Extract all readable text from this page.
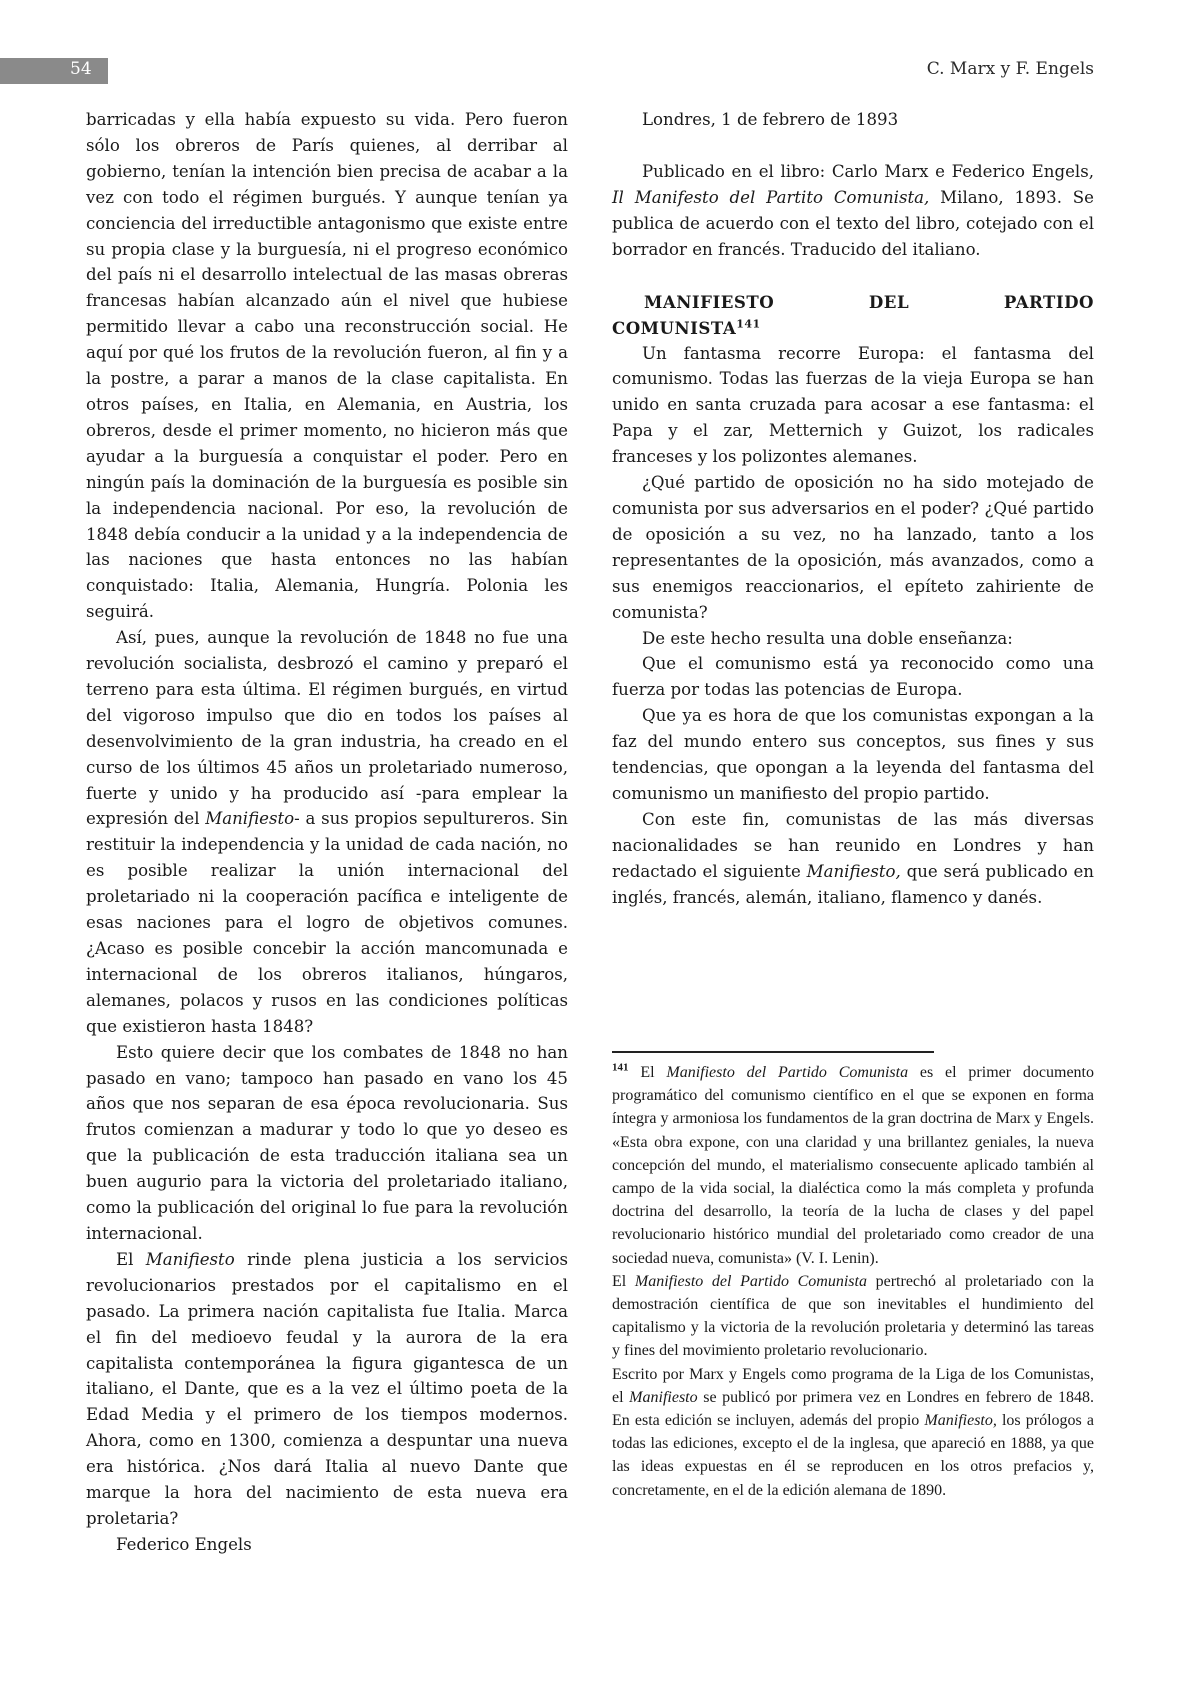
54	C. Marx y F. Engels

barricadas y ella había expuesto su vida. Pero fueron sólo los obreros de París quienes, al derribar al gobierno, tenían la intención bien precisa de acabar a la vez con todo el régimen burgués. Y aunque tenían ya conciencia del irreductible antagonismo que existe entre su propia clase y la burguesía, ni el progreso económico del país ni el desarrollo intelectual de las masas obreras francesas habían alcanzado aún el nivel que hubiese permitido llevar a cabo una reconstrucción social. He aquí por qué los frutos de la revolución fueron, al fin y a la postre, a parar a manos de la clase capitalista. En otros países, en Italia, en Alemania, en Austria, los obreros, desde el primer momento, no hicieron más que ayudar a la burguesía a conquistar el poder. Pero en ningún país la dominación de la burguesía es posible sin la independencia nacional. Por eso, la revolución de 1848 debía conducir a la unidad y a la independencia de las naciones que hasta entonces no las habían conquistado: Italia, Alemania, Hungría. Polonia les seguirá.

Así, pues, aunque la revolución de 1848 no fue una revolución socialista, desbrozó el camino y preparó el terreno para esta última. El régimen burgués, en virtud del vigoroso impulso que dio en todos los países al desenvolvimiento de la gran industria, ha creado en el curso de los últimos 45 años un proletariado numeroso, fuerte y unido y ha producido así -para emplear la expresión del Manifiesto- a sus propios sepultureros. Sin restituir la independencia y la unidad de cada nación, no es posible realizar la unión internacional del proletariado ni la cooperación pacífica e inteligente de esas naciones para el logro de objetivos comunes. ¿Acaso es posible concebir la acción mancomunada e internacional de los obreros italianos, húngaros, alemanes, polacos y rusos en las condiciones políticas que existieron hasta 1848?

Esto quiere decir que los combates de 1848 no han pasado en vano; tampoco han pasado en vano los 45 años que nos separan de esa época revolucionaria. Sus frutos comienzan a madurar y todo lo que yo deseo es que la publicación de esta traducción italiana sea un buen augurio para la victoria del proletariado italiano, como la publicación del original lo fue para la revolución internacional.

El Manifiesto rinde plena justicia a los servicios revolucionarios prestados por el capitalismo en el pasado. La primera nación capitalista fue Italia. Marca el fin del medioevo feudal y la aurora de la era capitalista contemporánea la figura gigantesca de un italiano, el Dante, que es a la vez el último poeta de la Edad Media y el primero de los tiempos modernos. Ahora, como en 1300, comienza a despuntar una nueva era histórica. ¿Nos dará Italia al nuevo Dante que marque la hora del nacimiento de esta nueva era proletaria?

Federico Engels

Londres, 1 de febrero de 1893

Publicado en el libro: Carlo Marx e Federico Engels, Il Manifesto del Partito Comunista, Milano, 1893. Se publica de acuerdo con el texto del libro, cotejado con el borrador en francés. Traducido del italiano.

MANIFIESTO	DEL	PARTIDO
COMUNISTA$^{141}$

Un fantasma recorre Europa: el fantasma del comunismo. Todas las fuerzas de la vieja Europa se han unido en santa cruzada para acosar a ese fantasma: el Papa y el zar, Metternich y Guizot, los radicales franceses y los polizontes alemanes.

¿Qué partido de oposición no ha sido motejado de comunista por sus adversarios en el poder? ¿Qué partido de oposición a su vez, no ha lanzado, tanto a los representantes de la oposición, más avanzados, como a sus enemigos reaccionarios, el epíteto zahiriente de comunista?

De este hecho resulta una doble enseñanza:

Que el comunismo está ya reconocido como una fuerza por todas las potencias de Europa.

Que ya es hora de que los comunistas expongan a la faz del mundo entero sus conceptos, sus fines y sus tendencias, que opongan a la leyenda del fantasma del comunismo un manifiesto del propio partido.

Con este fin, comunistas de las más diversas nacionalidades se han reunido en Londres y han redactado el siguiente Manifiesto, que será publicado en inglés, francés, alemán, italiano, flamenco y danés.

$^{141}$ El Manifiesto del Partido Comunista es el primer documento programático del comunismo científico en el que se exponen en forma íntegra y armoniosa los fundamentos de la gran doctrina de Marx y Engels. «Esta obra expone, con una claridad y una brillantez geniales, la nueva concepción del mundo, el materialismo consecuente aplicado también al campo de la vida social, la dialéctica como la más completa y profunda doctrina del desarrollo, la teoría de la lucha de clases y del papel revolucionario histórico mundial del proletariado como creador de una sociedad nueva, comunista» (V. I. Lenin).

El Manifiesto del Partido Comunista pertrechó al proletariado con la demostración científica de que son inevitables el hundimiento del capitalismo y la victoria de la revolución proletaria y determinó las tareas y fines del movimiento proletario revolucionario.

Escrito por Marx y Engels como programa de la Liga de los Comunistas, el Manifiesto se publicó por primera vez en Londres en febrero de 1848. En esta edición se incluyen, además del propio Manifiesto, los prólogos a todas las ediciones, excepto el de la inglesa, que apareció en 1888, ya que las ideas expuestas en él se reproducen en los otros prefacios y, concretamente, en el de la edición alemana de 1890.
